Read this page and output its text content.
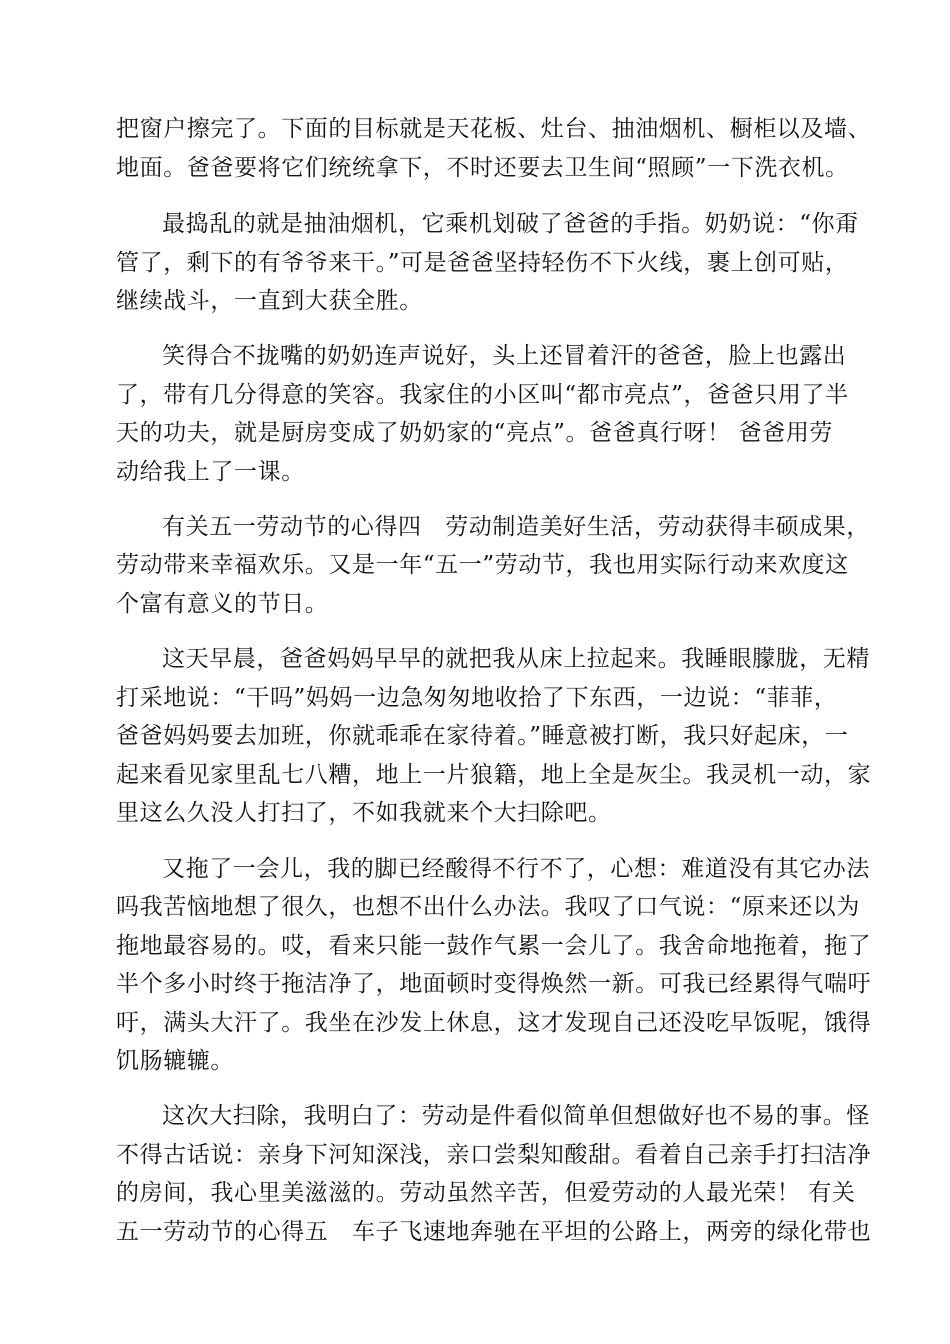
把窗户擦完了。下面的目标就是天花板、灶台、抽油烟机、橱柜以及墙、
地面。爸爸要将它们统统拿下，不时还要去卫生间“照顾”一下洗衣机。
最捣乱的就是抽油烟机，它乘机划破了爸爸的手指。奶奶说：“你甭
管了，剩下的有爷爷来干。”可是爸爸坚持轻伤不下火线，裹上创可贴，
继续战斗，一直到大获全胜。
笑得合不拢嘴的奶奶连声说好，头上还冒着汗的爸爸，脸上也露出
了，带有几分得意的笑容。我家住的小区叫“都市亮点”，爸爸只用了半
天的功夫，就是厨房变成了奶奶家的“亮点”。爸爸真行呀！ 爸爸用劳
动给我上了一课。
有关五一劳动节的心得四　劳动制造美好生活，劳动获得丰硕成果，
劳动带来幸福欢乐。又是一年“五一”劳动节，我也用实际行动来欢度这
个富有意义的节日。
这天早晨，爸爸妈妈早早的就把我从床上拉起来。我睡眼朦胧，无精
打采地说：“干吗”妈妈一边急匆匆地收拾了下东西，一边说：“菲菲，
爸爸妈妈要去加班，你就乖乖在家待着。”睡意被打断，我只好起床，一
起来看见家里乱七八糟，地上一片狼籍，地上全是灰尘。我灵机一动，家
里这么久没人打扫了，不如我就来个大扫除吧。
又拖了一会儿，我的脚已经酸得不行不了，心想：难道没有其它办法
吗我苦恼地想了很久，也想不出什么办法。我叹了口气说：“原来还以为
拖地最容易的。哎，看来只能一鼓作气累一会儿了。我舍命地拖着，拖了
半个多小时终于拖洁净了，地面顿时变得焕然一新。可我已经累得气喘吁
吁，满头大汗了。我坐在沙发上休息，这才发现自己还没吃早饭呢，饿得
饥肠辘辘。
这次大扫除，我明白了：劳动是件看似简单但想做好也不易的事。怪
不得古话说：亲身下河知深浅，亲口尝梨知酸甜。看着自己亲手打扫洁净
的房间，我心里美滋滋的。劳动虽然辛苦，但爱劳动的人最光荣！ 有关
五一劳动节的心得五　车子飞速地奔驰在平坦的公路上，两旁的绿化带也
